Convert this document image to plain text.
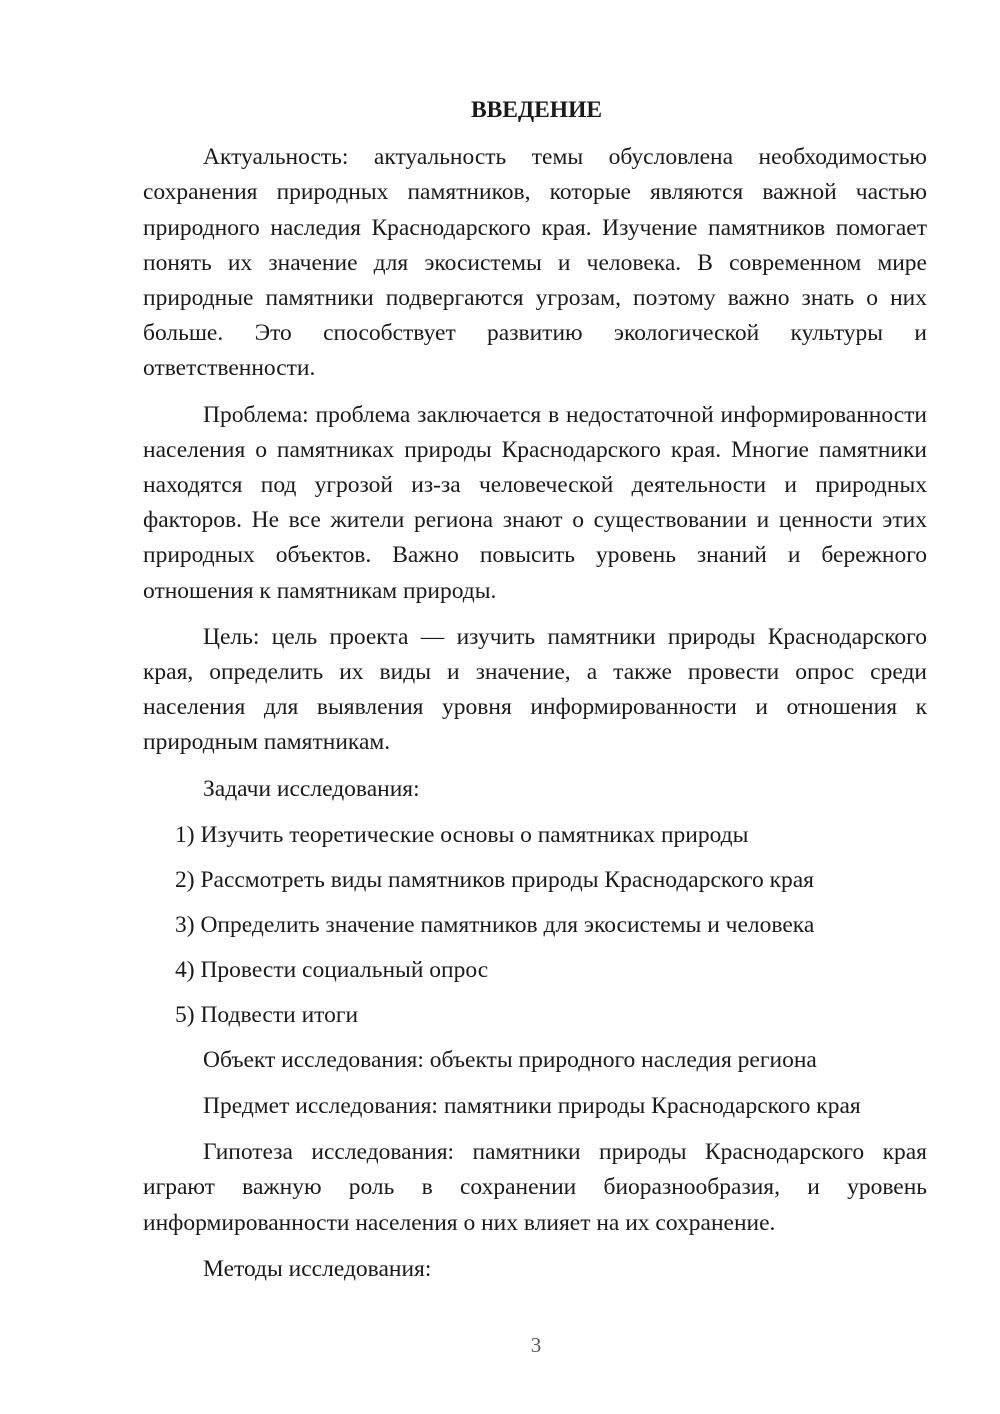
ВВЕДЕНИЕ

Актуальность: актуальность темы обусловлена необходимостью сохранения природных памятников, которые являются важной частью природного наследия Краснодарского края. Изучение памятников помогает понять их значение для экосистемы и человека. В современном мире природные памятники подвергаются угрозам, поэтому важно знать о них больше. Это способствует развитию экологической культуры и ответственности.

Проблема: проблема заключается в недостаточной информированности населения о памятниках природы Краснодарского края. Многие памятники находятся под угрозой из-за человеческой деятельности и природных факторов. Не все жители региона знают о существовании и ценности этих природных объектов. Важно повысить уровень знаний и бережного отношения к памятникам природы.

Цель: цель проекта — изучить памятники природы Краснодарского края, определить их виды и значение, а также провести опрос среди населения для выявления уровня информированности и отношения к природным памятникам.

Задачи исследования:

1) Изучить теоретические основы о памятниках природы
2) Рассмотреть виды памятников природы Краснодарского края
3) Определить значение памятников для экосистемы и человека
4) Провести социальный опрос
5) Подвести итоги

Объект исследования: объекты природного наследия региона

Предмет исследования: памятники природы Краснодарского края

Гипотеза исследования: памятники природы Краснодарского края играют важную роль в сохранении биоразнообразия, и уровень информированности населения о них влияет на их сохранение.

Методы исследования:

3
